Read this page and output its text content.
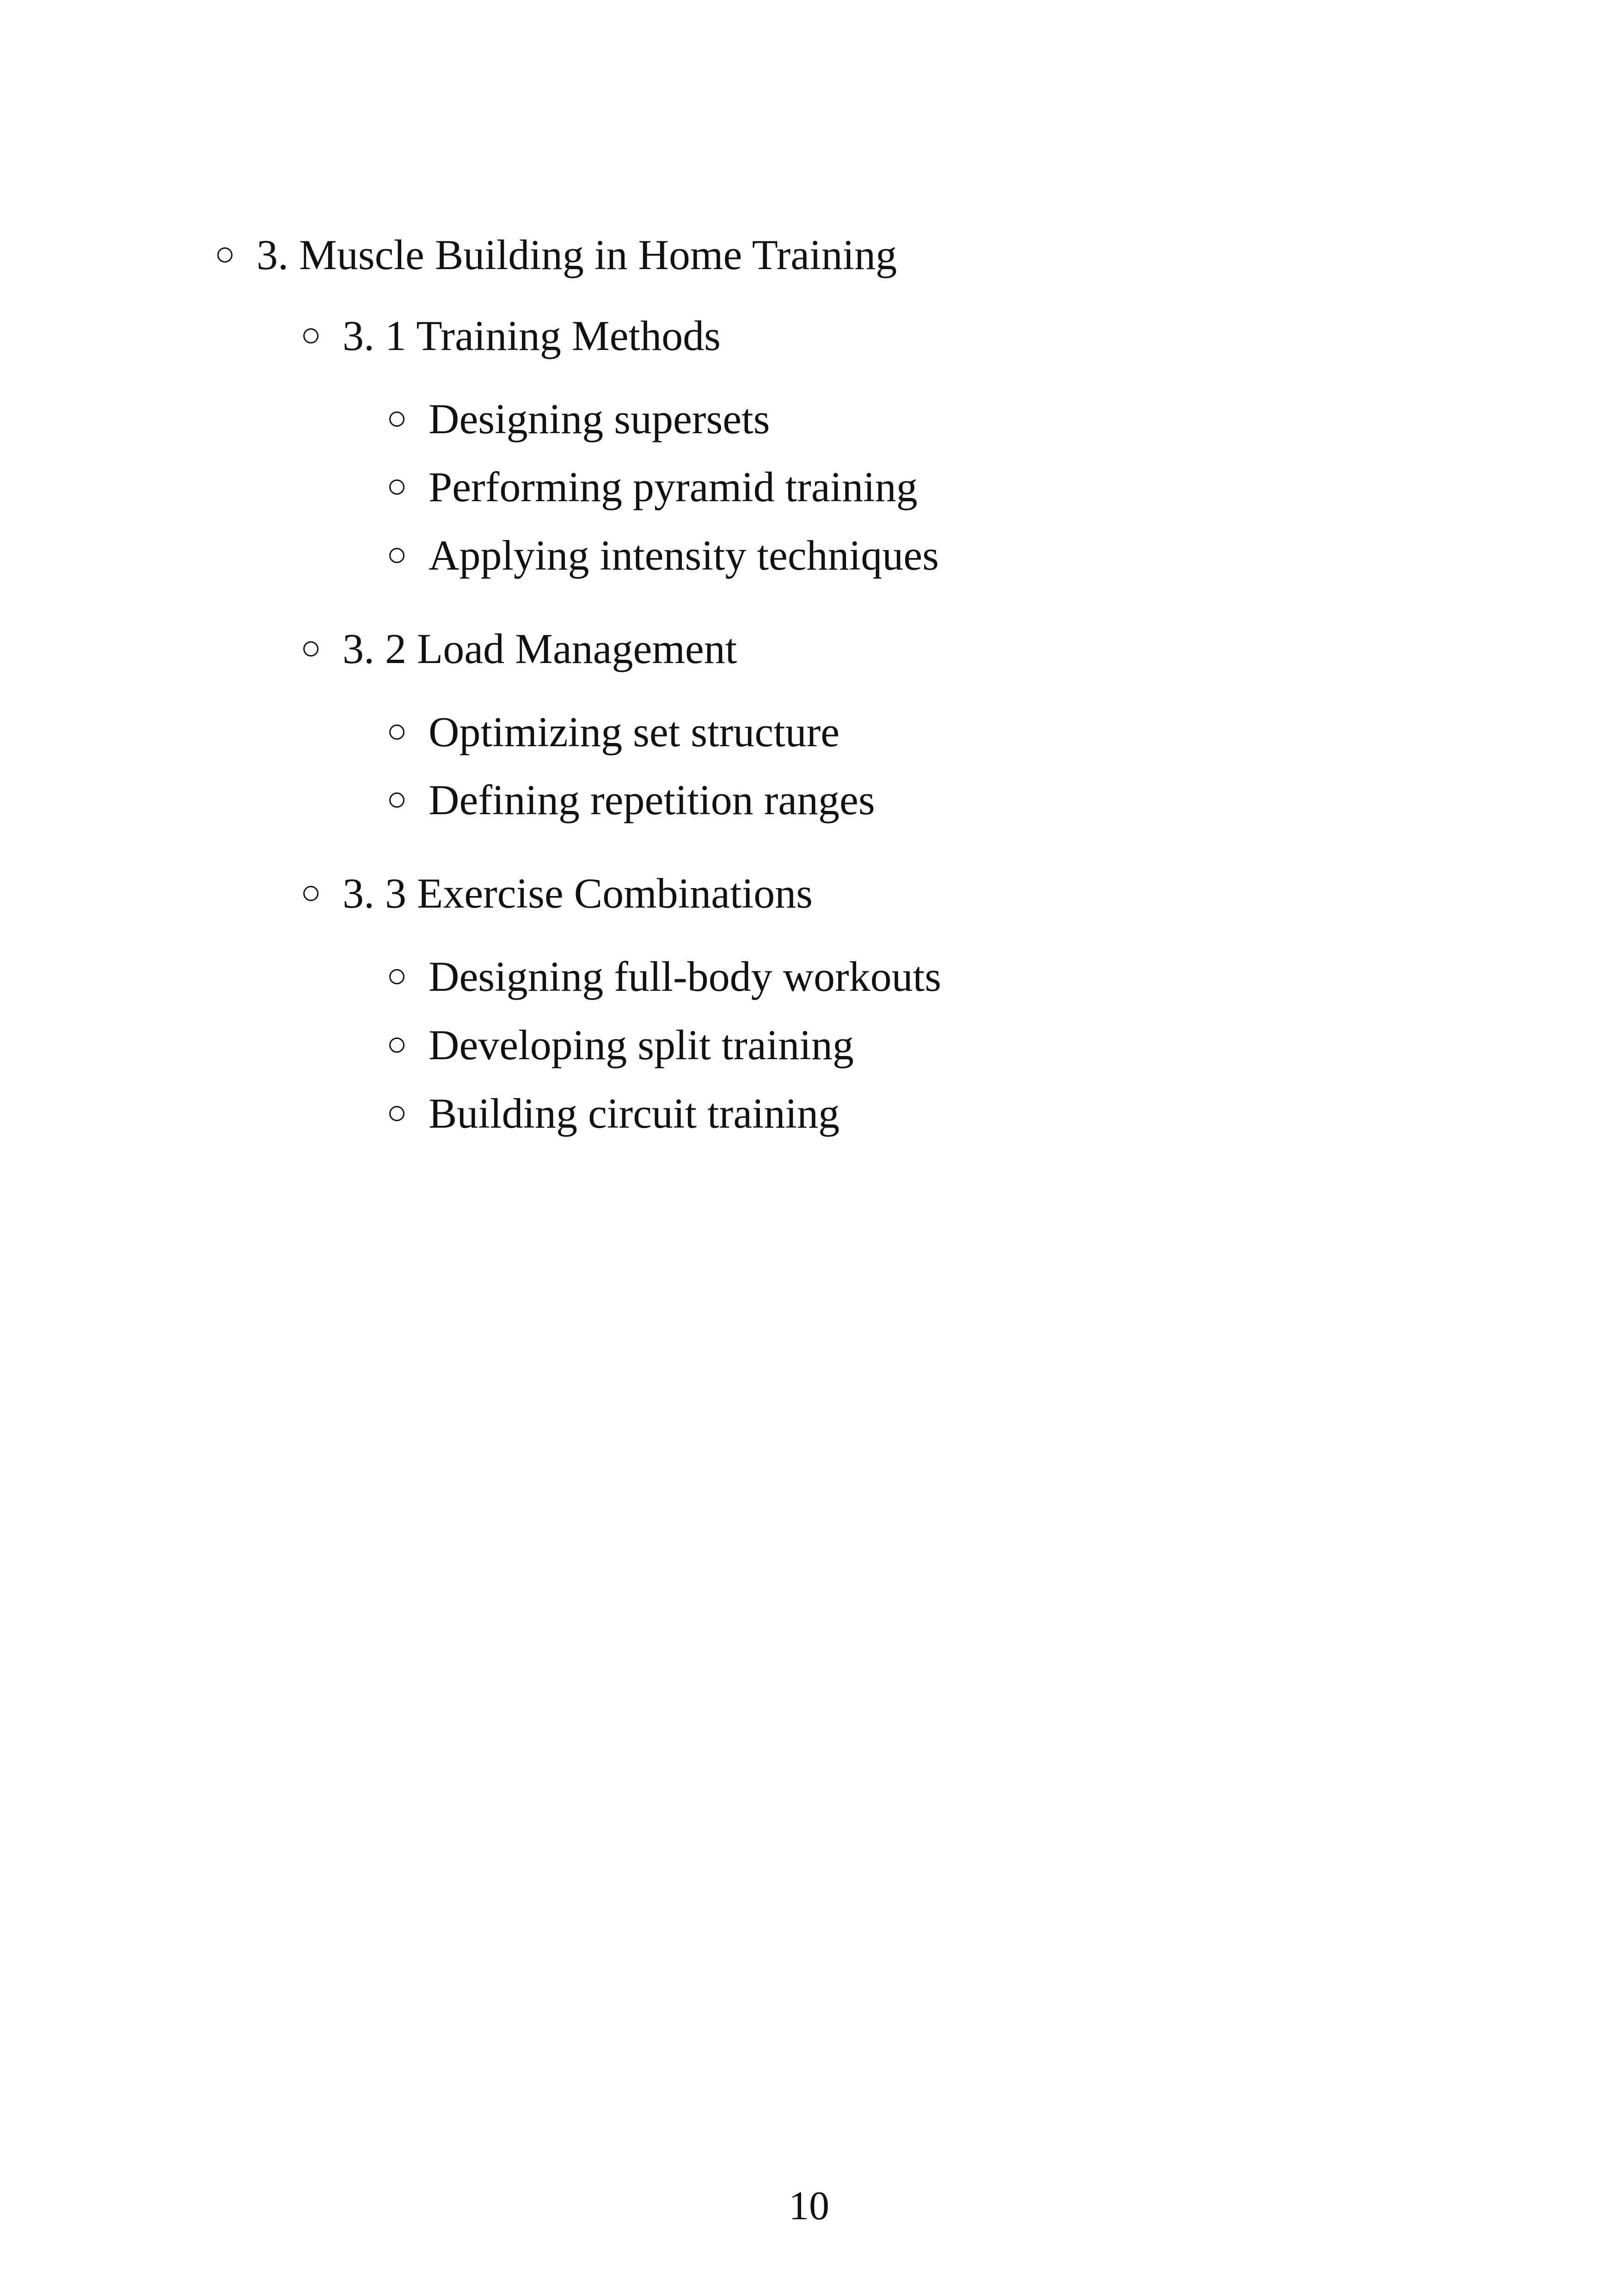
3. Muscle Building in Home Training
3. 1 Training Methods
Designing supersets
Performing pyramid training
Applying intensity techniques
3. 2 Load Management
Optimizing set structure
Defining repetition ranges
3. 3 Exercise Combinations
Designing full-body workouts
Developing split training
Building circuit training
10
